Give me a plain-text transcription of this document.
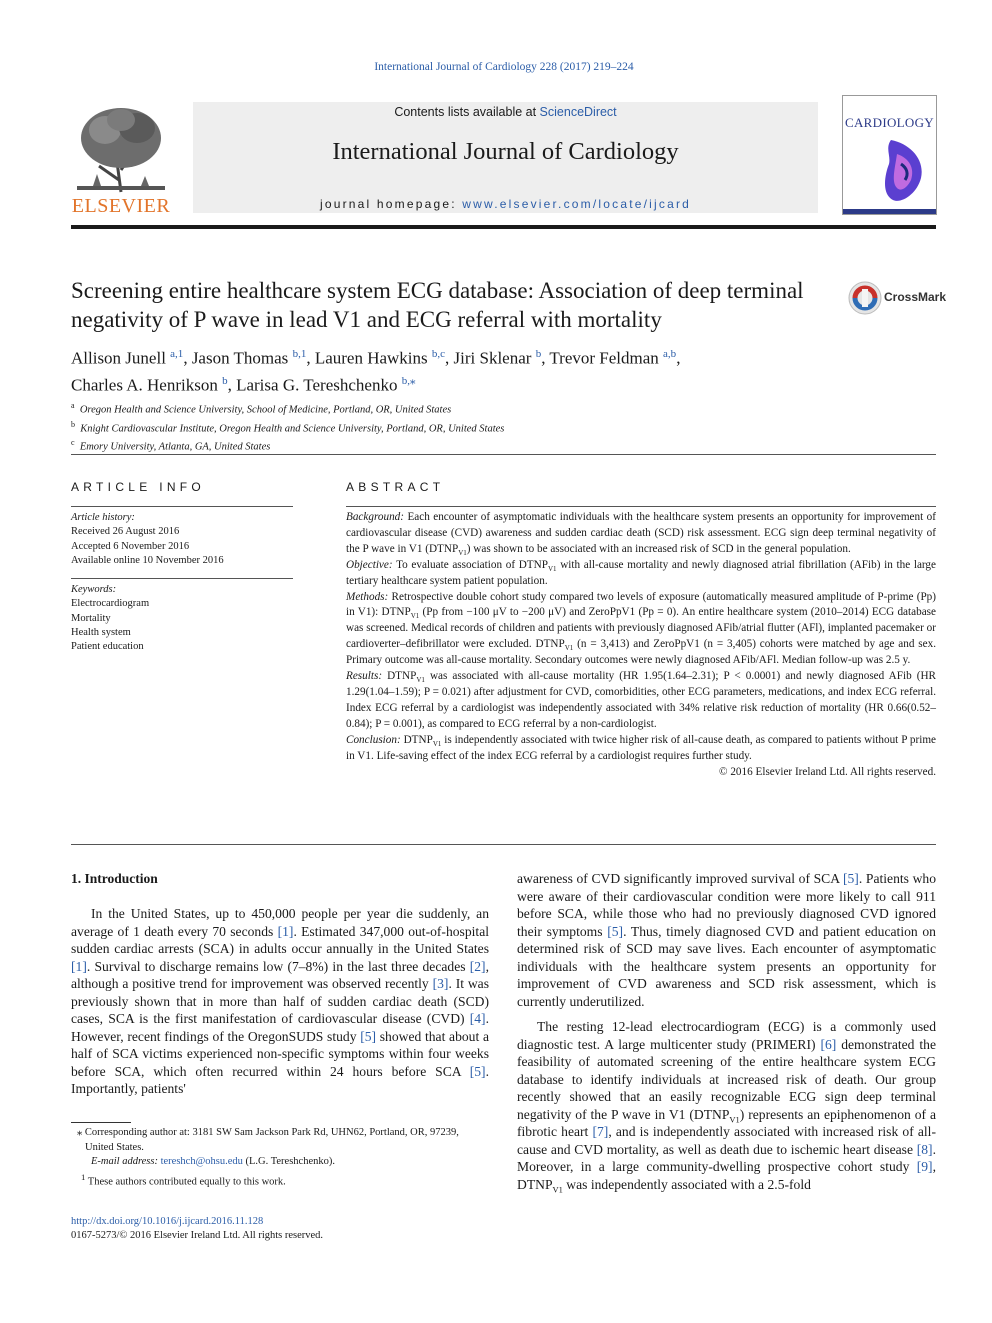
International Journal of Cardiology 228 (2017) 219–224
ELSEVIER
Contents lists available at ScienceDirect
International Journal of Cardiology
journal homepage: www.elsevier.com/locate/ijcard
CARDIOLOGY
Screening entire healthcare system ECG database: Association of deep terminal negativity of P wave in lead V1 and ECG referral with mortality
CrossMark
Allison Junell $^{a,1}$, Jason Thomas $^{b,1}$, Lauren Hawkins $^{b,c}$, Jiri Sklenar $^b$, Trevor Feldman $^{a,b}$,
Charles A. Henrikson $^b$, Larisa G. Tereshchenko $^{b,⁎}$
$^a$ Oregon Health and Science University, School of Medicine, Portland, OR, United States
$^b$ Knight Cardiovascular Institute, Oregon Health and Science University, Portland, OR, United States
$^c$ Emory University, Atlanta, GA, United States
ARTICLE INFO
Article history:
Received 26 August 2016
Accepted 6 November 2016
Available online 10 November 2016
Keywords:
Electrocardiogram
Mortality
Health system
Patient education
ABSTRACT

Background: Each encounter of asymptomatic individuals with the healthcare system presents an opportunity for improvement of cardiovascular disease (CVD) awareness and sudden cardiac death (SCD) risk assessment. ECG sign deep terminal negativity of the P wave in V1 $(DTNP_{V1})$ was shown to be associated with an increased risk of SCD in the general population.

Objective: To evaluate association of $DTNP_{V1}$ with all-cause mortality and newly diagnosed atrial fibrillation (AFib) in the large tertiary healthcare system patient population.

Methods: Retrospective double cohort study compared two levels of exposure (automatically measured amplitude of P-prime (Pp) in V1): $DTNP_{V1}$ (Pp from −100 μV to −200 μV) and ZeroPpV1 (Pp = 0). An entire healthcare system (2010–2014) ECG database was screened. Medical records of children and patients with previously diagnosed AFib/atrial flutter (AFl), implanted pacemaker or cardioverter–defibrillator were excluded. $DTNP_{V1}$ (n = 3,413) and ZeroPpV1 (n = 3,405) cohorts were matched by age and sex. Primary outcome was all-cause mortality. Secondary outcomes were newly diagnosed AFib/AFl. Median follow-up was 2.5 y.

Results: $DTNP_{V1}$ was associated with all-cause mortality (HR 1.95(1.64–2.31); P < 0.0001) and newly diagnosed AFib (HR 1.29(1.04–1.59); P = 0.021) after adjustment for CVD, comorbidities, other ECG parameters, medications, and index ECG referral. Index ECG referral by a cardiologist was independently associated with 34% relative risk reduction of mortality (HR 0.66(0.52–0.84); P = 0.001), as compared to ECG referral by a non-cardiologist.

Conclusion: $DTNP_{V1}$ is independently associated with twice higher risk of all-cause death, as compared to patients without P prime in V1. Life-saving effect of the index ECG referral by a cardiologist requires further study.

© 2016 Elsevier Ireland Ltd. All rights reserved.

1. Introduction

In the United States, up to 450,000 people per year die suddenly, an average of 1 death every 70 seconds [1]. Estimated 347,000 out-of-hospital sudden cardiac arrests (SCA) in adults occur annually in the United States [1]. Survival to discharge remains low (7–8%) in the last three decades [2], although a positive trend for improvement was observed recently [3]. It was previously shown that in more than half of sudden cardiac death (SCD) cases, SCA is the first manifestation of cardiovascular disease (CVD) [4]. However, recent findings of the OregonSUDS study [5] showed that about a half of SCA victims experienced non-specific symptoms within four weeks before SCA, which often recurred within 24 hours before SCA [5]. Importantly, patients'

awareness of CVD significantly improved survival of SCA [5]. Patients who were aware of their cardiovascular condition were more likely to call 911 before SCA, while those who had no previously diagnosed CVD ignored their symptoms [5]. Thus, timely diagnosed CVD and patient education on determined risk of SCD may save lives. Each encounter of asymptomatic individuals with the healthcare system presents an opportunity for improvement of CVD awareness and SCD risk assessment, which is currently underutilized.

The resting 12-lead electrocardiogram (ECG) is a commonly used diagnostic test. A large multicenter study (PRIMERI) [6] demonstrated the feasibility of automated screening of the entire healthcare system ECG database to identify individuals at increased risk of death. Our group recently showed that an easily recognizable ECG sign deep terminal negativity of the P wave in V1 $(DTNP_{V1})$ represents an epiphenomenon of a fibrotic heart [7], and is independently associated with increased risk of all-cause and CVD mortality, as well as death due to ischemic heart disease [8]. Moreover, in a large community-dwelling prospective cohort study [9], $DTNP_{V1}$ was independently associated with a 2.5-fold

⁎ Corresponding author at: 3181 SW Sam Jackson Park Rd, UHN62, Portland, OR, 97239, United States.

E-mail address: tereshch@ohsu.edu (L.G. Tereshchenko).

$^1$ These authors contributed equally to this work.

http://dx.doi.org/10.1016/j.ijcard.2016.11.128
0167-5273/© 2016 Elsevier Ireland Ltd. All rights reserved.
